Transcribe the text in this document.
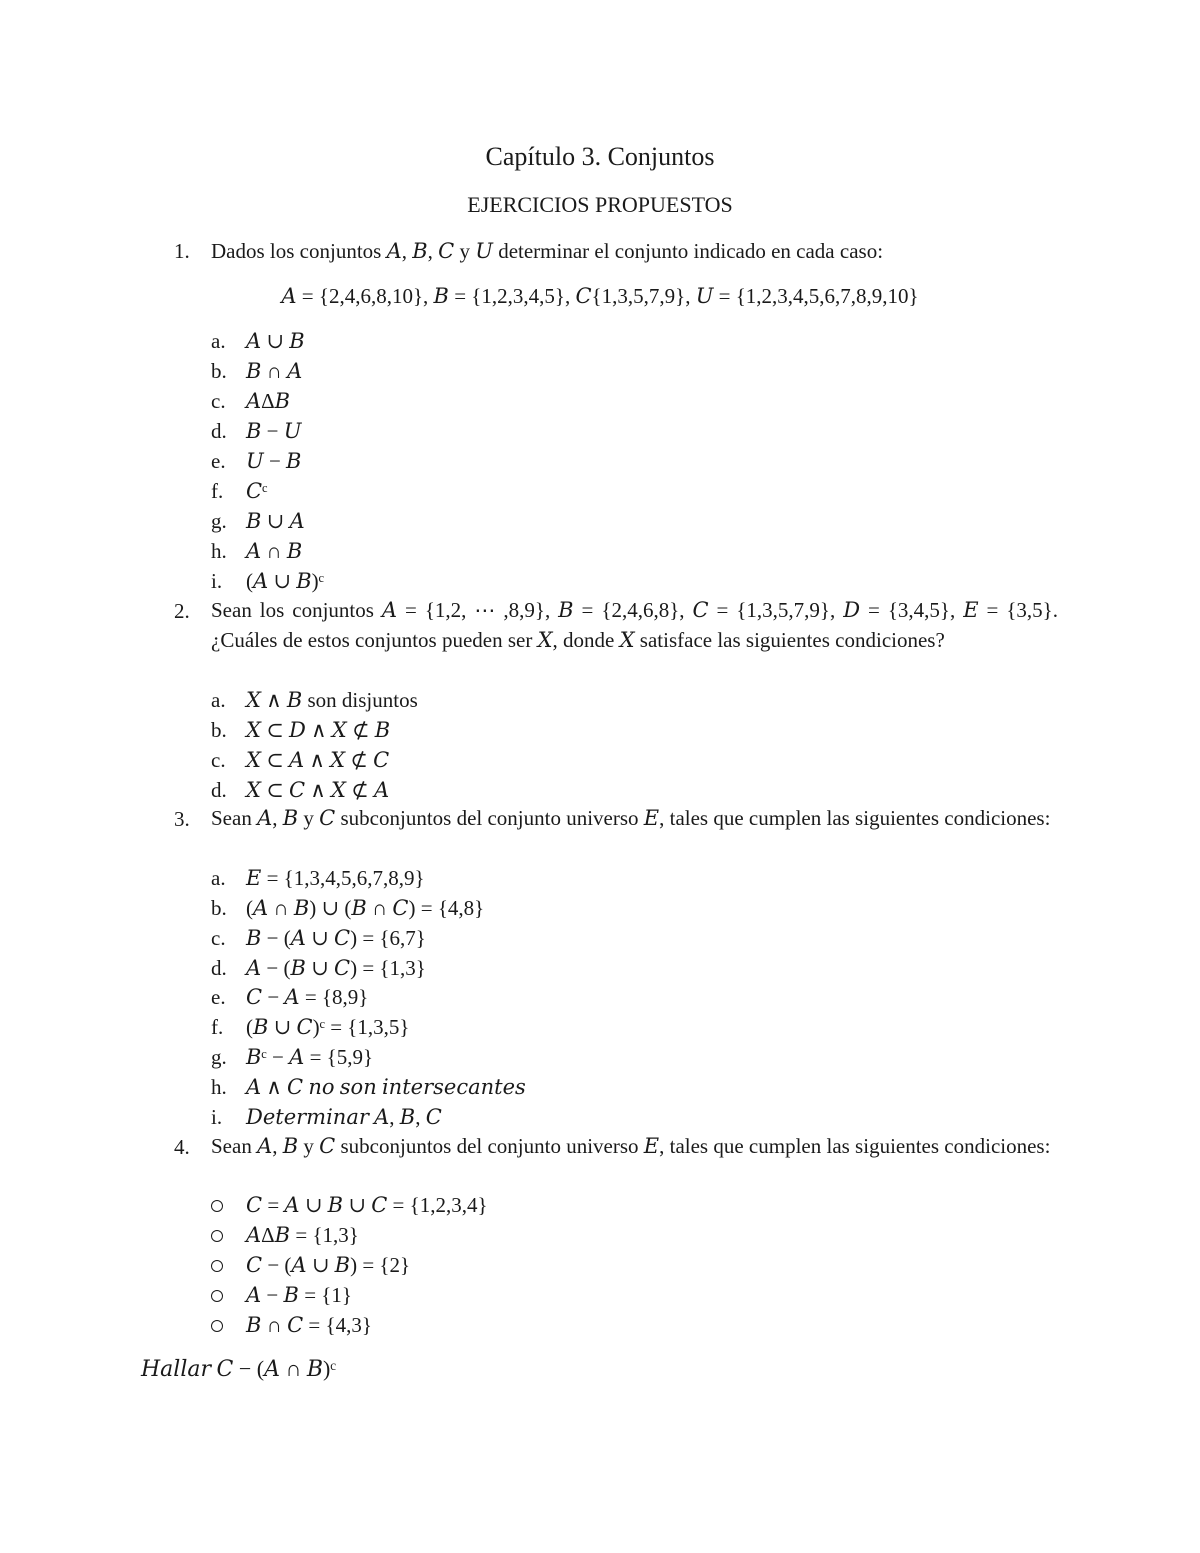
Capítulo 3. Conjuntos
EJERCICIOS PROPUESTOS
1.	Dados los conjuntos 𝐴, 𝐵, 𝐶 y 𝑈 determinar el conjunto indicado en cada caso:
𝐴 = {2,4,6,8,10}, 𝐵 = {1,2,3,4,5}, 𝐶{1,3,5,7,9}, 𝑈 = {1,2,3,4,5,6,7,8,9,10}
a. 𝐴 ∪ 𝐵
b. 𝐵 ∩ 𝐴
c. 𝐴Δ𝐵
d. 𝐵 − 𝑈
e. 𝑈 − 𝐵
f.	𝐶ᶜ
g. 𝐵 ∪ 𝐴
h. 𝐴 ∩ 𝐵
i.	(𝐴 ∪ 𝐵)ᶜ
2.	Sean los conjuntos 𝐴 = {1,2, ⋯ ,8,9}, 𝐵 = {2,4,6,8}, 𝐶 = {1,3,5,7,9}, 𝐷 = {3,4,5}, 𝐸 = {3,5}. ¿Cuáles de estos conjuntos pueden ser 𝑋, donde 𝑋 satisface las siguientes condiciones?
a. 𝑋 ∧ 𝐵 son disjuntos
b. 𝑋 ⊂ 𝐷 ∧ 𝑋 ⊄ 𝐵
c. 𝑋 ⊂ 𝐴 ∧ 𝑋 ⊄ 𝐶
d. 𝑋 ⊂ 𝐶 ∧ 𝑋 ⊄ 𝐴
3.	Sean 𝐴, 𝐵 y 𝐶 subconjuntos del conjunto universo 𝐸, tales que cumplen las siguientes condiciones:
a. 𝐸 = {1,3,4,5,6,7,8,9}
b. (𝐴 ∩ 𝐵) ∪ (𝐵 ∩ 𝐶) = {4,8}
c. 𝐵 − (𝐴 ∪ 𝐶) = {6,7}
d. 𝐴 − (𝐵 ∪ 𝐶) = {1,3}
e. 𝐶 − 𝐴 = {8,9}
f.	(𝐵 ∪ 𝐶)ᶜ = {1,3,5}
g. 𝐵ᶜ − 𝐴 = {5,9}
h. 𝐴 ∧ 𝐶 𝑛𝑜 𝑠𝑜𝑛 𝑖𝑛𝑡𝑒𝑟𝑠𝑒𝑐𝑎𝑛𝑡𝑒𝑠
i.	𝐷𝑒𝑡𝑒𝑟𝑚𝑖𝑛𝑎𝑟 𝐴, 𝐵, 𝐶
4.	Sean 𝐴, 𝐵 y 𝐶 subconjuntos del conjunto universo 𝐸, tales que cumplen las siguientes condiciones:
𝐶 = 𝐴 ∪ 𝐵 ∪ 𝐶 = {1,2,3,4}
𝐴Δ𝐵 = {1,3}
𝐶 − (𝐴 ∪ 𝐵) = {2}
𝐴 − 𝐵 = {1}
𝐵 ∩ 𝐶 = {4,3}
𝐻𝑎𝑙𝑙𝑎𝑟 𝐶 − (𝐴 ∩ 𝐵)ᶜ
